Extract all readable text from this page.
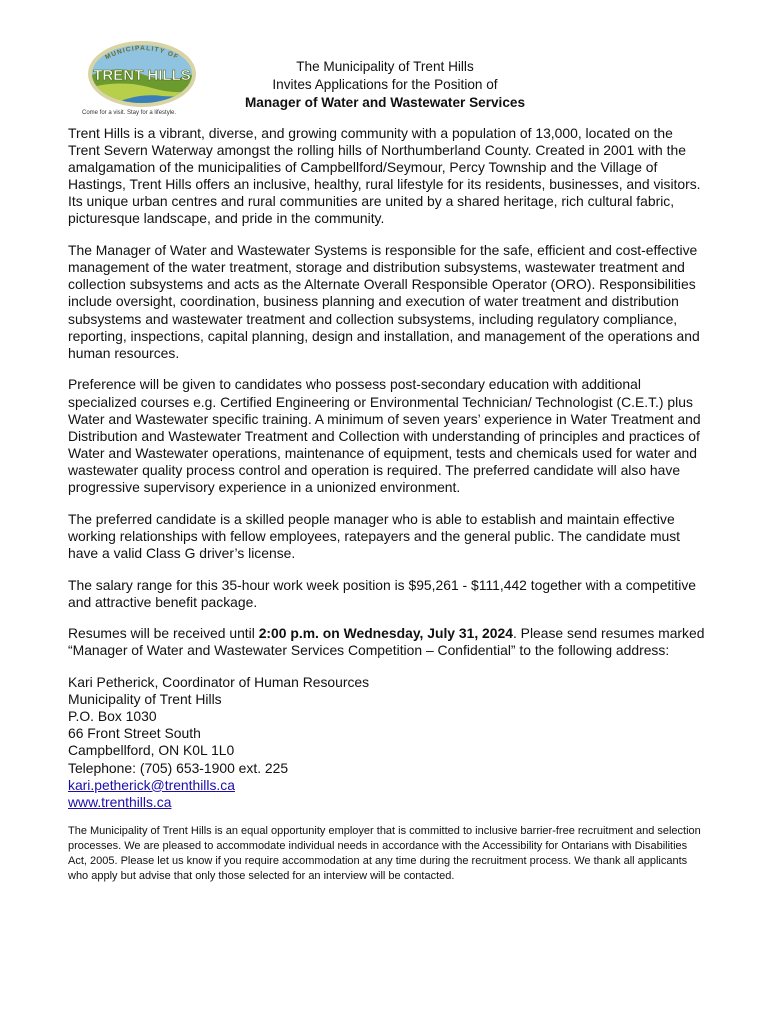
MUNICIPALITY OF
TRENT HILLS
Come for a visit. Stay for a lifestyle.
The Municipality of Trent Hills
Invites Applications for the Position of
Manager of Water and Wastewater Services

Trent Hills is a vibrant, diverse, and growing community with a population of 13,000, located on the Trent Severn Waterway amongst the rolling hills of Northumberland County. Created in 2001 with the amalgamation of the municipalities of Campbellford/Seymour, Percy Township and the Village of Hastings, Trent Hills offers an inclusive, healthy, rural lifestyle for its residents, businesses, and visitors. Its unique urban centres and rural communities are united by a shared heritage, rich cultural fabric, picturesque landscape, and pride in the community.

The Manager of Water and Wastewater Systems is responsible for the safe, efficient and cost-effective management of the water treatment, storage and distribution subsystems, wastewater treatment and collection subsystems and acts as the Alternate Overall Responsible Operator (ORO). Responsibilities include oversight, coordination, business planning and execution of water treatment and distribution subsystems and wastewater treatment and collection subsystems, including regulatory compliance, reporting, inspections, capital planning, design and installation, and management of the operations and human resources.

Preference will be given to candidates who possess post-secondary education with additional specialized courses e.g. Certified Engineering or Environmental Technician/ Technologist (C.E.T.) plus Water and Wastewater specific training. A minimum of seven years’ experience in Water Treatment and Distribution and Wastewater Treatment and Collection with understanding of principles and practices of Water and Wastewater operations, maintenance of equipment, tests and chemicals used for water and wastewater quality process control and operation is required. The preferred candidate will also have progressive supervisory experience in a unionized environment.

The preferred candidate is a skilled people manager who is able to establish and maintain effective working relationships with fellow employees, ratepayers and the general public. The candidate must have a valid Class G driver’s license.

The salary range for this 35-hour work week position is $95,261 - $111,442 together with a competitive and attractive benefit package.

Resumes will be received until 2:00 p.m. on Wednesday, July 31, 2024. Please send resumes marked “Manager of Water and Wastewater Services Competition – Confidential” to the following address:

Kari Petherick, Coordinator of Human Resources
Municipality of Trent Hills
P.O. Box 1030
66 Front Street South
Campbellford, ON K0L 1L0
Telephone: (705) 653-1900 ext. 225
kari.petherick@trenthills.ca
www.trenthills.ca

The Municipality of Trent Hills is an equal opportunity employer that is committed to inclusive barrier-free recruitment and selection processes. We are pleased to accommodate individual needs in accordance with the Accessibility for Ontarians with Disabilities Act, 2005. Please let us know if you require accommodation at any time during the recruitment process. We thank all applicants who apply but advise that only those selected for an interview will be contacted.
